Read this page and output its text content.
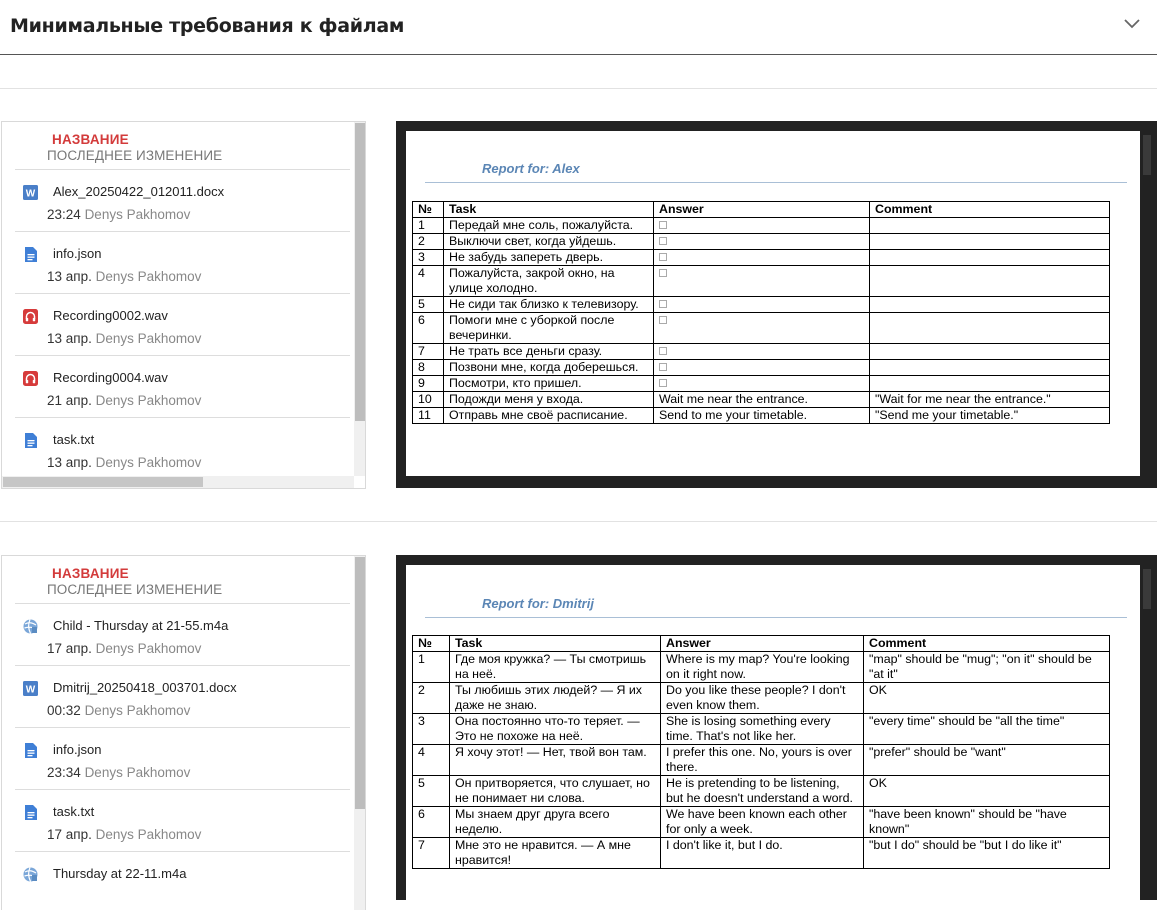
Минимальные требования к файлам
НАЗВАНИЕ
ПОСЛЕДНЕЕ ИЗМЕНЕНИЕ
W Alex_20250422_012011.docx
23:24 Denys Pakhomov
info.json
13 апр. Denys Pakhomov
Recording0002.wav
13 апр. Denys Pakhomov
Recording0004.wav
21 апр. Denys Pakhomov
task.txt
13 апр. Denys Pakhomov
Report for: Alex
№	Task	Answer	Comment
1	Передай мне соль, пожалуйста.		
2	Выключи свет, когда уйдешь.		
3	Не забудь запереть дверь.		
4	Пожалуйста, закрой окно, на улице холодно.		
5	Не сиди так близко к телевизору.		
6	Помоги мне с уборкой после вечеринки.		
7	Не трать все деньги сразу.		
8	Позвони мне, когда доберешься.		
9	Посмотри, кто пришел.		
10	Подожди меня у входа.	Wait me near the entrance.	"Wait for me near the entrance."
11	Отправь мне своё расписание.	Send to me your timetable.	"Send me your timetable."
НАЗВАНИЕ
ПОСЛЕДНЕЕ ИЗМЕНЕНИЕ
Child - Thursday at 21-55.m4a
17 апр. Denys Pakhomov
W Dmitrij_20250418_003701.docx
00:32 Denys Pakhomov
info.json
23:34 Denys Pakhomov
task.txt
17 апр. Denys Pakhomov
Thursday at 22-11.m4a
Report for: Dmitrij
№	Task	Answer	Comment
1	Где моя кружка? — Ты смотришь на неё.	Where is my map? You're looking on it right now.	"map" should be "mug"; "on it" should be "at it"
2	Ты любишь этих людей? — Я их даже не знаю.	Do you like these people? I don't even know them.	OK
3	Она постоянно что-то теряет. — Это не похоже на неё.	She is losing something every time. That's not like her.	"every time" should be "all the time"
4	Я хочу этот! — Нет, твой вон там.	I prefer this one. No, yours is over there.	"prefer" should be "want"
5	Он притворяется, что слушает, но не понимает ни слова.	He is pretending to be listening, but he doesn't understand a word.	OK
6	Мы знаем друг друга всего неделю.	We have been known each other for only a week.	"have been known" should be "have known"
7	Мне это не нравится. — А мне нравится!	I don't like it, but I do.	"but I do" should be "but I do like it"
